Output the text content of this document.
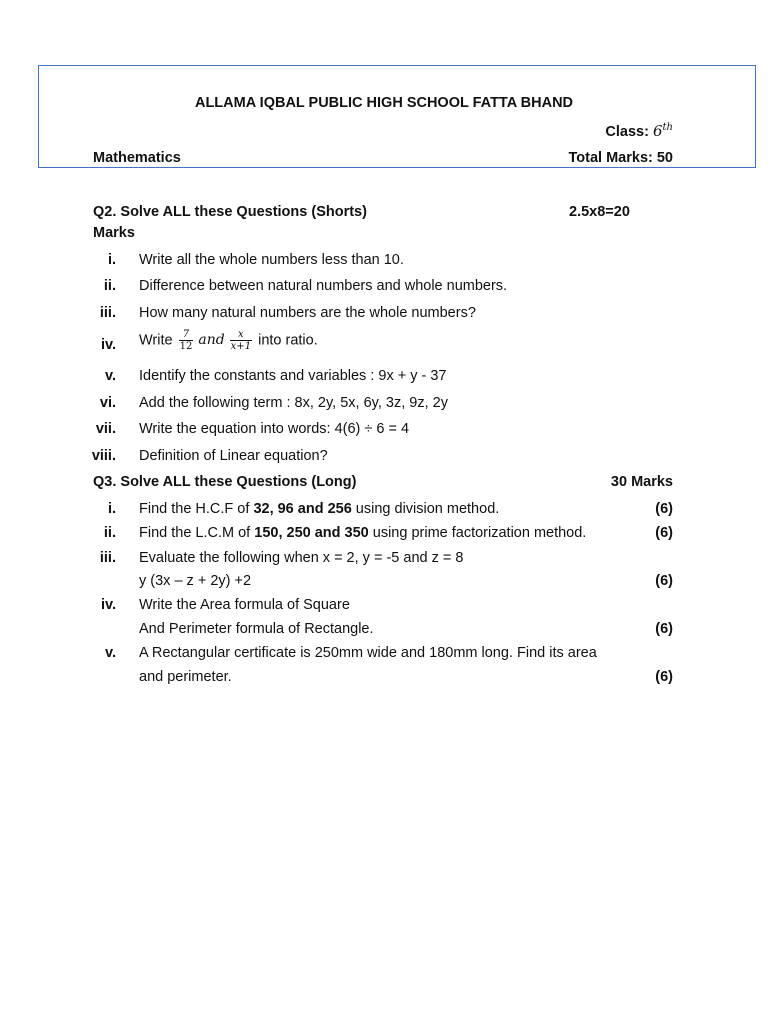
ALLAMA IQBAL PUBLIC HIGH SCHOOL FATTA BHAND
Class: 6th
Mathematics	Total Marks: 50
Q2. Solve ALL these Questions (Shorts)	2.5x8=20
Marks
i. Write all the whole numbers less than 10.
ii. Difference between natural numbers and whole numbers.
iii. How many natural numbers are the whole numbers?
iv. Write $\frac{7}{12}$ and $\frac{x}{x+1}$ into ratio.
v. Identify the constants and variables : 9x + y - 37
vi. Add the following term : 8x, 2y, 5x, 6y, 3z, 9z, 2y
vii. Write the equation into words: 4(6) ÷ 6 = 4
viii. Definition of Linear equation?
Q3. Solve ALL these Questions (Long)	30 Marks
i. Find the H.C.F of 32, 96 and 256 using division method.	(6)
ii. Find the L.C.M of 150, 250 and 350 using prime factorization method.	(6)
iii. Evaluate the following when x = 2, y = -5 and z = 8
y (3x – z + 2y) +2	(6)
iv. Write the Area formula of Square
And Perimeter formula of Rectangle.	(6)
v. A Rectangular certificate is 250mm wide and 180mm long. Find its area
and perimeter.	(6)
